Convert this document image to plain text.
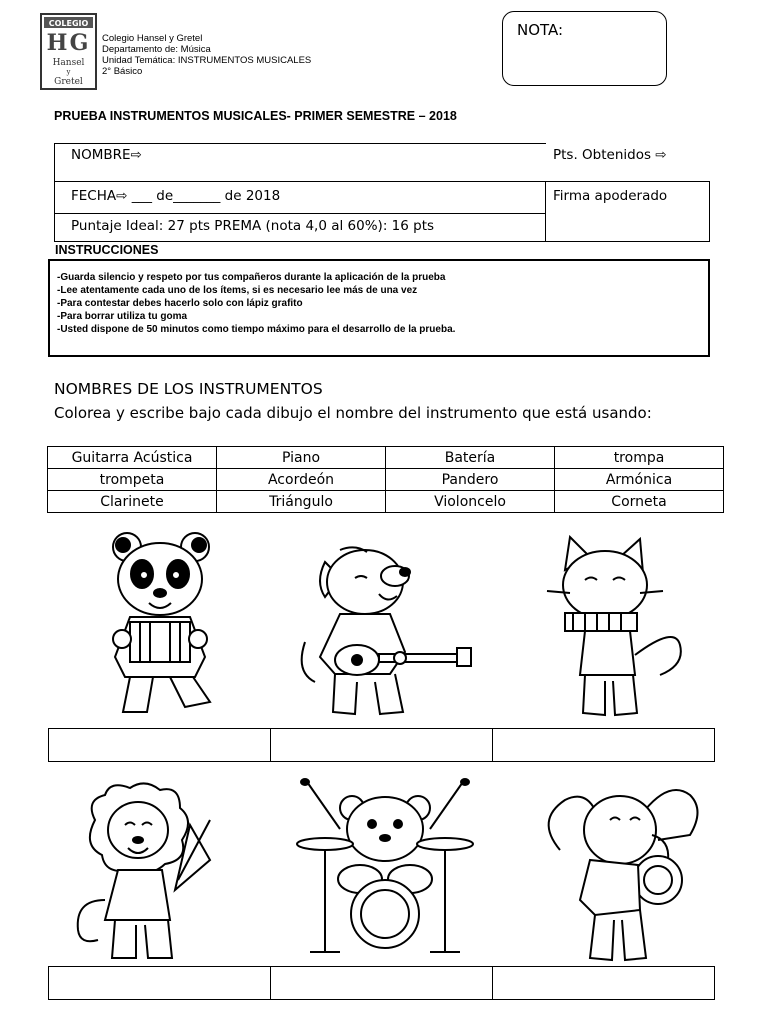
COLEGIO
H G
Hansel
y
Gretel
Colegio Hansel y Gretel
Departamento de: Música
Unidad Temática: INSTRUMENTOS MUSICALES
2° Básico
NOTA:
PRUEBA INSTRUMENTOS MUSICALES- PRIMER SEMESTRE – 2018
NOMBRE⇨	Pts. Obtenidos ⇨
FECHA⇨ ___ de_______ de 2018	Firma apoderado
Puntaje Ideal: 27 pts PREMA (nota 4,0 al 60%): 16 pts
INSTRUCCIONES
-Guarda silencio y respeto por tus compañeros durante la aplicación de la prueba
-Lee atentamente cada uno de los ítems, si es necesario lee más de una vez
-Para contestar debes hacerlo solo con lápiz grafito
-Para borrar utiliza tu goma
-Usted dispone de 50 minutos como tiempo máximo para el desarrollo de la prueba.
NOMBRES DE LOS INSTRUMENTOS
Colorea y escribe bajo cada dibujo el nombre del instrumento que está usando:
Guitarra Acústica	Piano	Batería	trompa
trompeta	Acordeón	Pandero	Armónica
Clarinete	Triángulo	Violoncelo	Corneta
